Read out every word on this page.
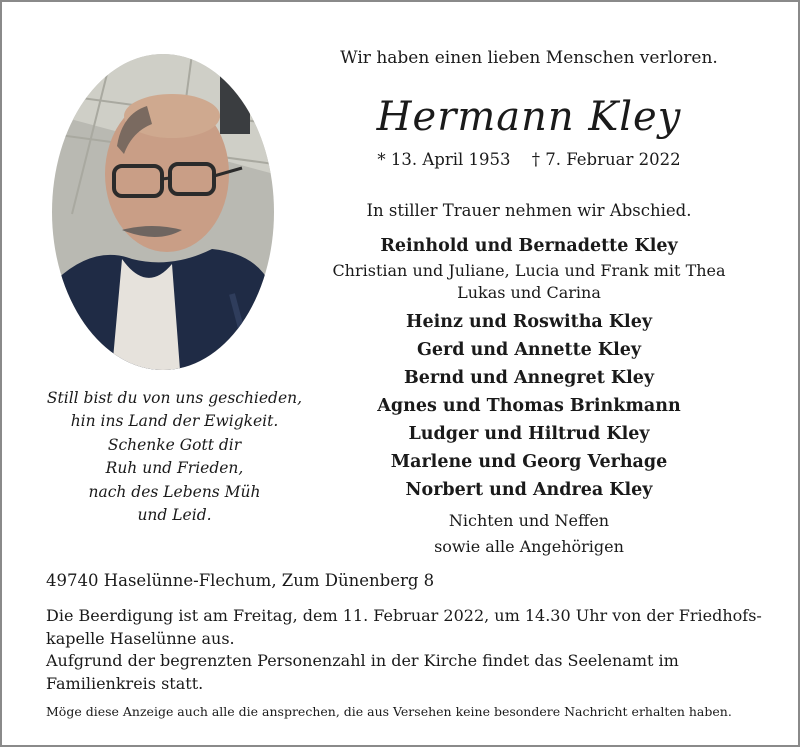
Still bist du von uns geschieden,
hin ins Land der Ewigkeit.
Schenke Gott dir
Ruh und Frieden,
nach des Lebens Müh
und Leid.
Wir haben einen lieben Menschen verloren.
Hermann Kley
* 13. April 1953 † 7. Februar 2022
In stiller Trauer nehmen wir Abschied.
Reinhold und Bernadette Kley
Christian und Juliane, Lucia und Frank mit Thea
Lukas und Carina
Heinz und Roswitha Kley
Gerd und Annette Kley
Bernd und Annegret Kley
Agnes und Thomas Brinkmann
Ludger und Hiltrud Kley
Marlene und Georg Verhage
Norbert und Andrea Kley
Nichten und Neffen
sowie alle Angehörigen
49740 Haselünne-Flechum, Zum Dünenberg 8
Die Beerdigung ist am Freitag, dem 11. Februar 2022, um 14.30 Uhr von der Friedhofs-
kapelle Haselünne aus.
Aufgrund der begrenzten Personenzahl in der Kirche findet das Seelenamt im
Familienkreis statt.
Möge diese Anzeige auch alle die ansprechen, die aus Versehen keine besondere Nachricht erhalten haben.
